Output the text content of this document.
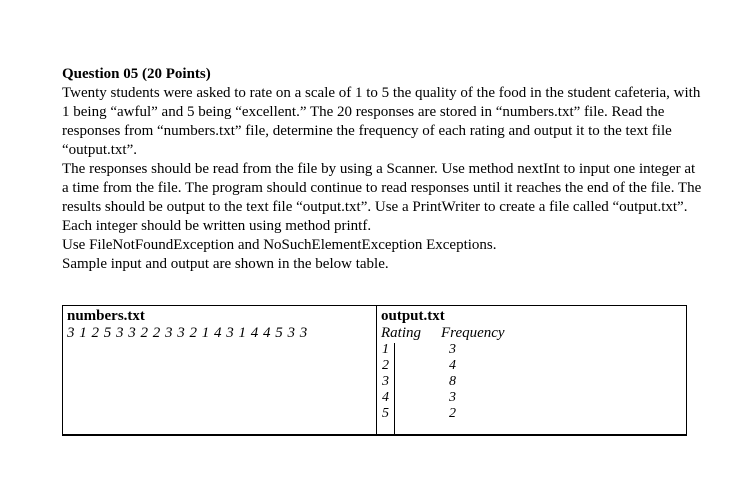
Question 05 (20 Points)

Twenty students were asked to rate on a scale of 1 to 5 the quality of the food in the student cafeteria, with 1 being “awful” and 5 being “excellent.” The 20 responses are stored in “numbers.txt” file. Read the responses from “numbers.txt” file, determine the frequency of each rating and output it to the text file “output.txt”.

The responses should be read from the file by using a Scanner. Use method nextInt to input one integer at a time from the file. The program should continue to read responses until it reaches the end of the file. The results should be output to the text file “output.txt”. Use a PrintWriter to create a file called “output.txt”. Each integer should be written using method printf.

Use FileNotFoundException and NoSuchElementException Exceptions.

Sample input and output are shown in the below table.

numbers.txt
3 1 2 5 3 3 2 2 3 3 2 1 4 3 1 4 4 5 3 3
output.txt
Rating Frequency
1	3
2	4
3	8
4	3
5	2
